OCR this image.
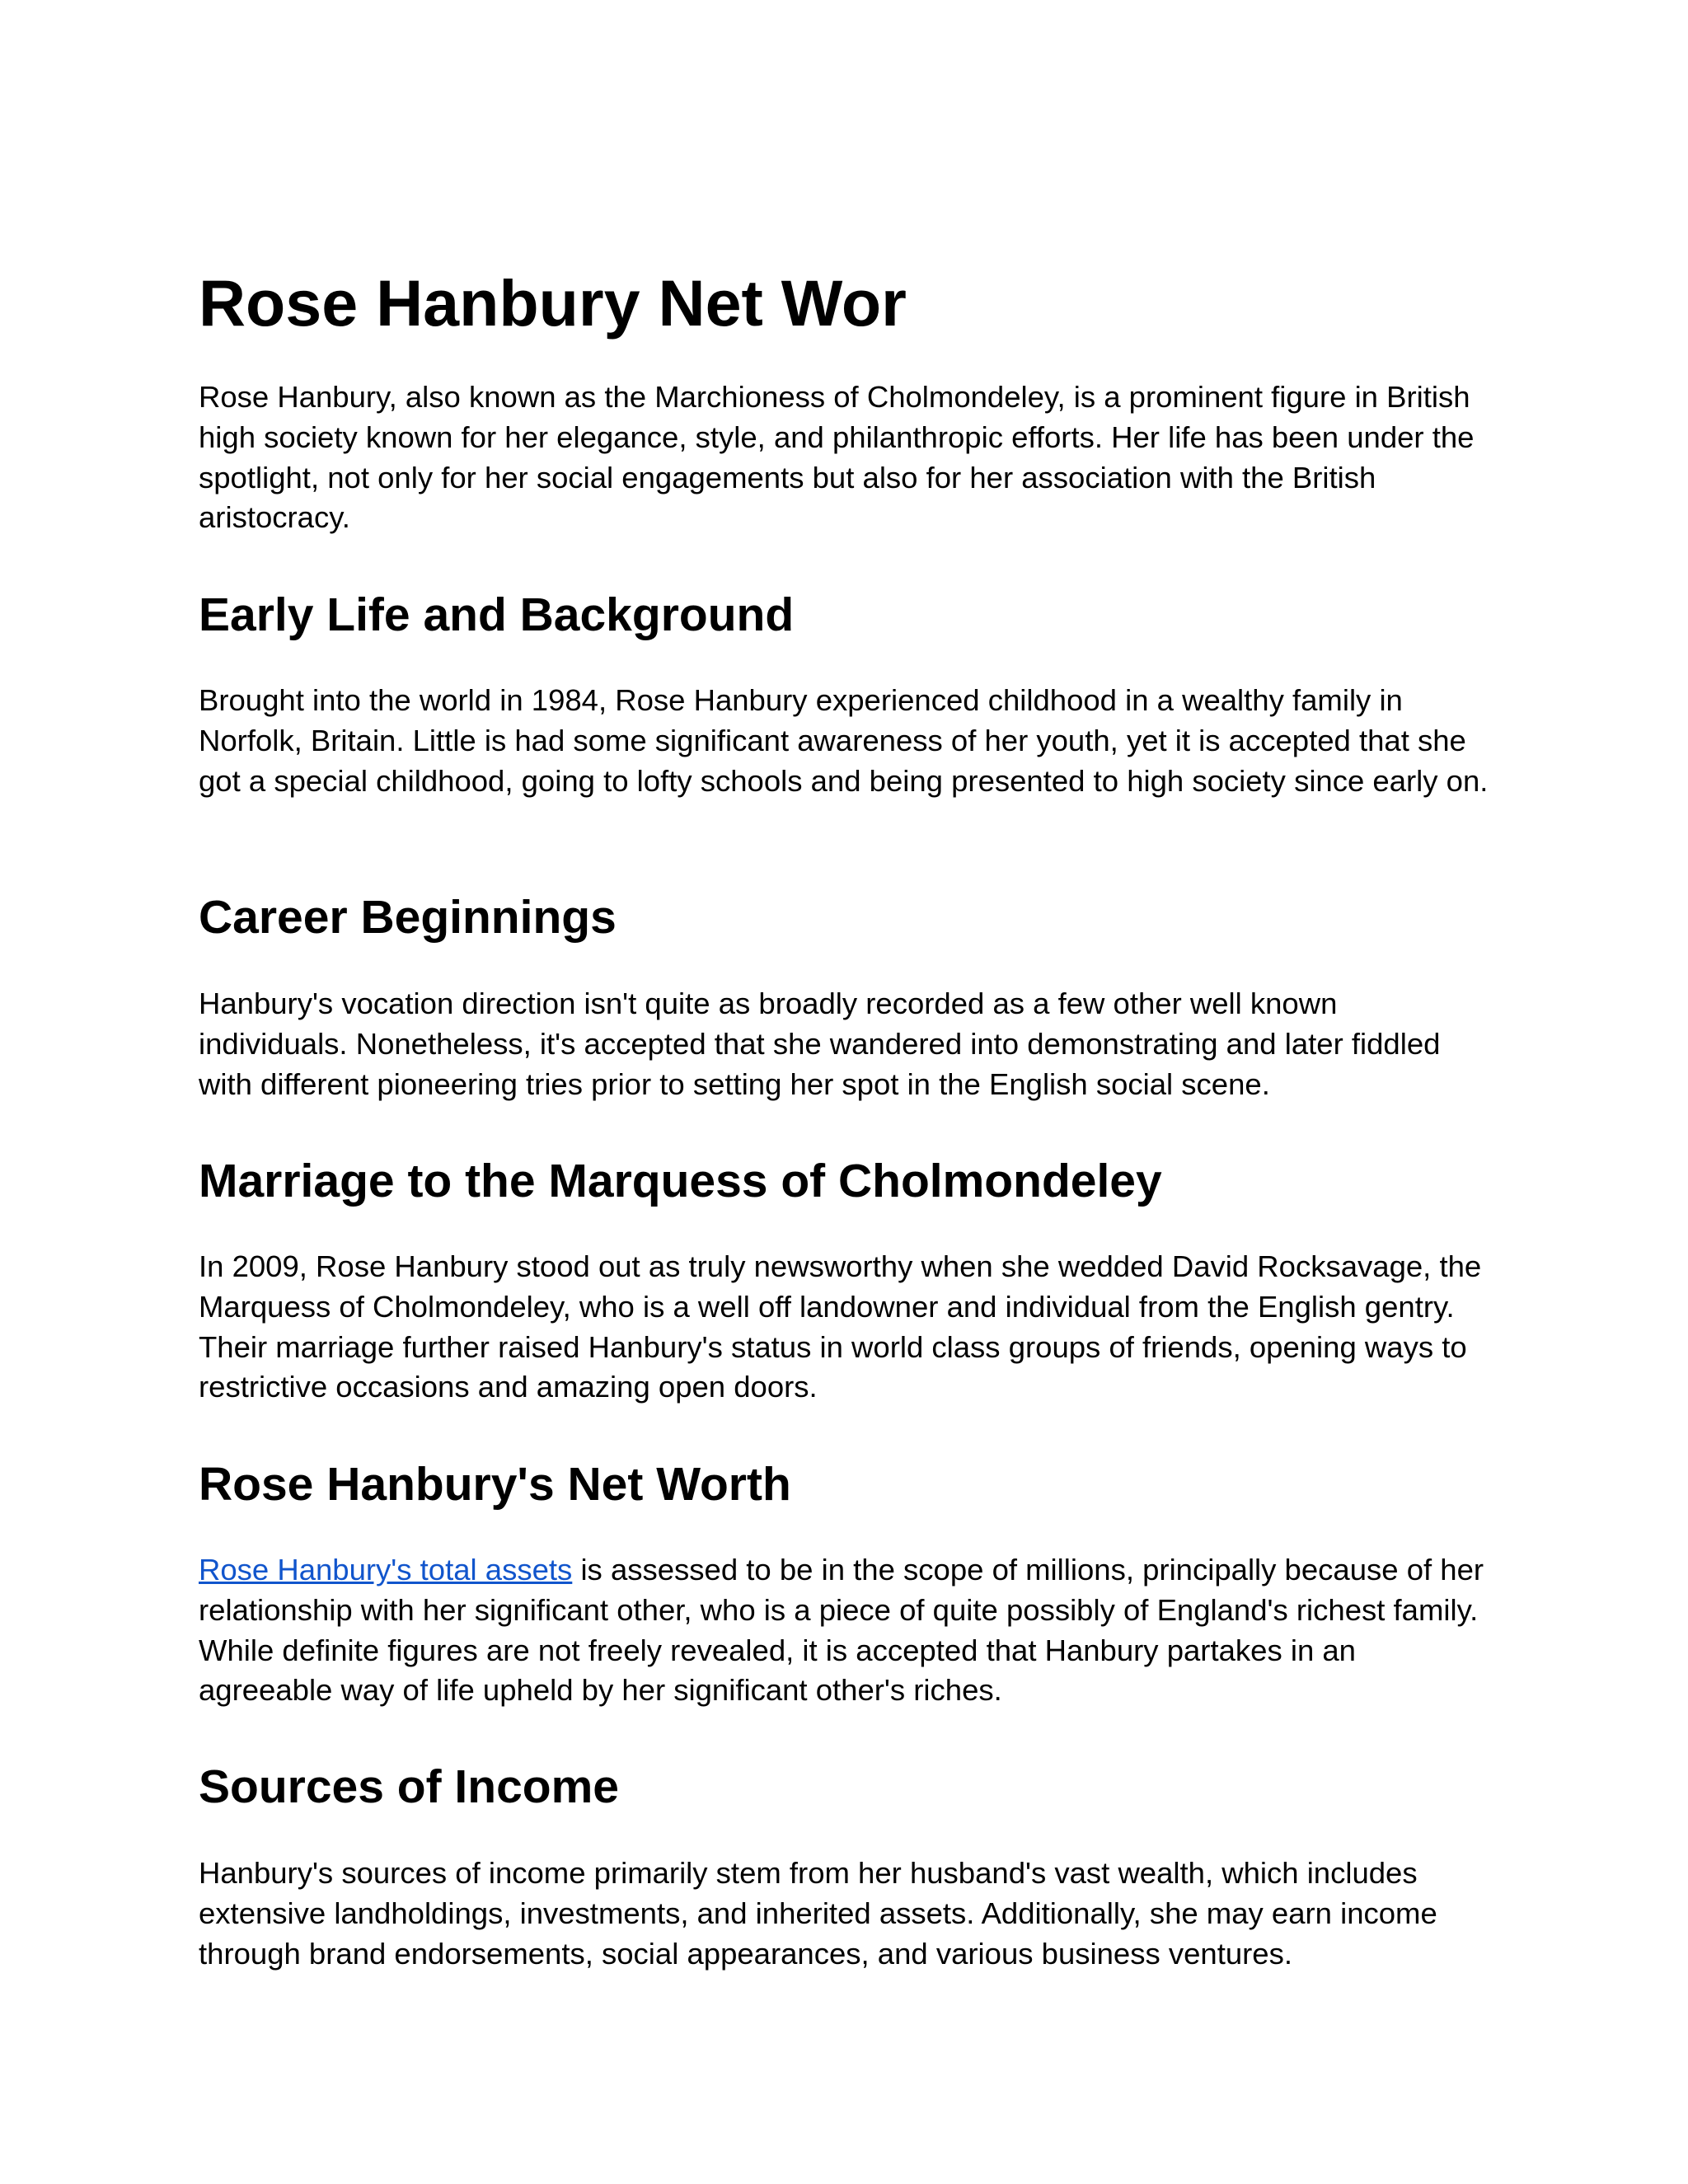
Rose Hanbury Net Wor

Rose Hanbury, also known as the Marchioness of Cholmondeley, is a prominent figure in British high society known for her elegance, style, and philanthropic efforts. Her life has been under the spotlight, not only for her social engagements but also for her association with the British aristocracy.

Early Life and Background

Brought into the world in 1984, Rose Hanbury experienced childhood in a wealthy family in Norfolk, Britain. Little is had some significant awareness of her youth, yet it is accepted that she got a special childhood, going to lofty schools and being presented to high society since early on.

Career Beginnings

Hanbury's vocation direction isn't quite as broadly recorded as a few other well known individuals. Nonetheless, it's accepted that she wandered into demonstrating and later fiddled with different pioneering tries prior to setting her spot in the English social scene.

Marriage to the Marquess of Cholmondeley

In 2009, Rose Hanbury stood out as truly newsworthy when she wedded David Rocksavage, the Marquess of Cholmondeley, who is a well off landowner and individual from the English gentry. Their marriage further raised Hanbury's status in world class groups of friends, opening ways to restrictive occasions and amazing open doors.

Rose Hanbury's Net Worth

Rose Hanbury's total assets is assessed to be in the scope of millions, principally because of her relationship with her significant other, who is a piece of quite possibly of England's richest family. While definite figures are not freely revealed, it is accepted that Hanbury partakes in an agreeable way of life upheld by her significant other's riches.

Sources of Income

Hanbury's sources of income primarily stem from her husband's vast wealth, which includes extensive landholdings, investments, and inherited assets. Additionally, she may earn income through brand endorsements, social appearances, and various business ventures.
